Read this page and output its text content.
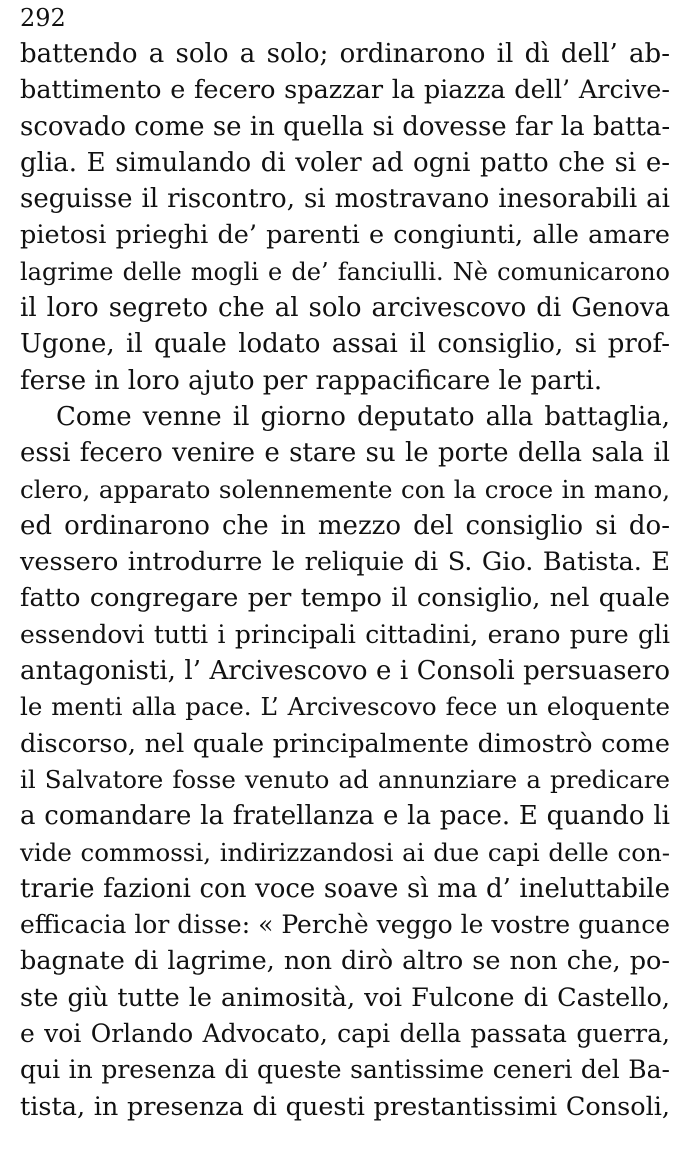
292
battendo a solo a solo; ordinarono il dì dell’ ab-
battimento e fecero spazzar la piazza dell’ Arcive-
scovado come se in quella si dovesse far la batta-
glia. E simulando di voler ad ogni patto che si e-
seguisse il riscontro, si mostravano inesorabili ai
pietosi prieghi de’ parenti e congiunti, alle amare
lagrime delle mogli e de’ fanciulli. Nè comunicarono
il loro segreto che al solo arcivescovo di Genova
Ugone, il quale lodato assai il consiglio, si prof-
ferse in loro ajuto per rappacificare le parti.
Come venne il giorno deputato alla battaglia,
essi fecero venire e stare su le porte della sala il
clero, apparato solennemente con la croce in mano,
ed ordinarono che in mezzo del consiglio si do-
vessero introdurre le reliquie di S. Gio. Batista. E
fatto congregare per tempo il consiglio, nel quale
essendovi tutti i principali cittadini, erano pure gli
antagonisti, l’ Arcivescovo e i Consoli persuasero
le menti alla pace. L’ Arcivescovo fece un eloquente
discorso, nel quale principalmente dimostrò come
il Salvatore fosse venuto ad annunziare a predicare
a comandare la fratellanza e la pace. E quando li
vide commossi, indirizzandosi ai due capi delle con-
trarie fazioni con voce soave sì ma d’ ineluttabile
efficacia lor disse: « Perchè veggo le vostre guance
bagnate di lagrime, non dirò altro se non che, po-
ste giù tutte le animosità, voi Fulcone di Castello,
e voi Orlando Advocato, capi della passata guerra,
qui in presenza di queste santissime ceneri del Ba-
tista, in presenza di questi prestantissimi Consoli,
